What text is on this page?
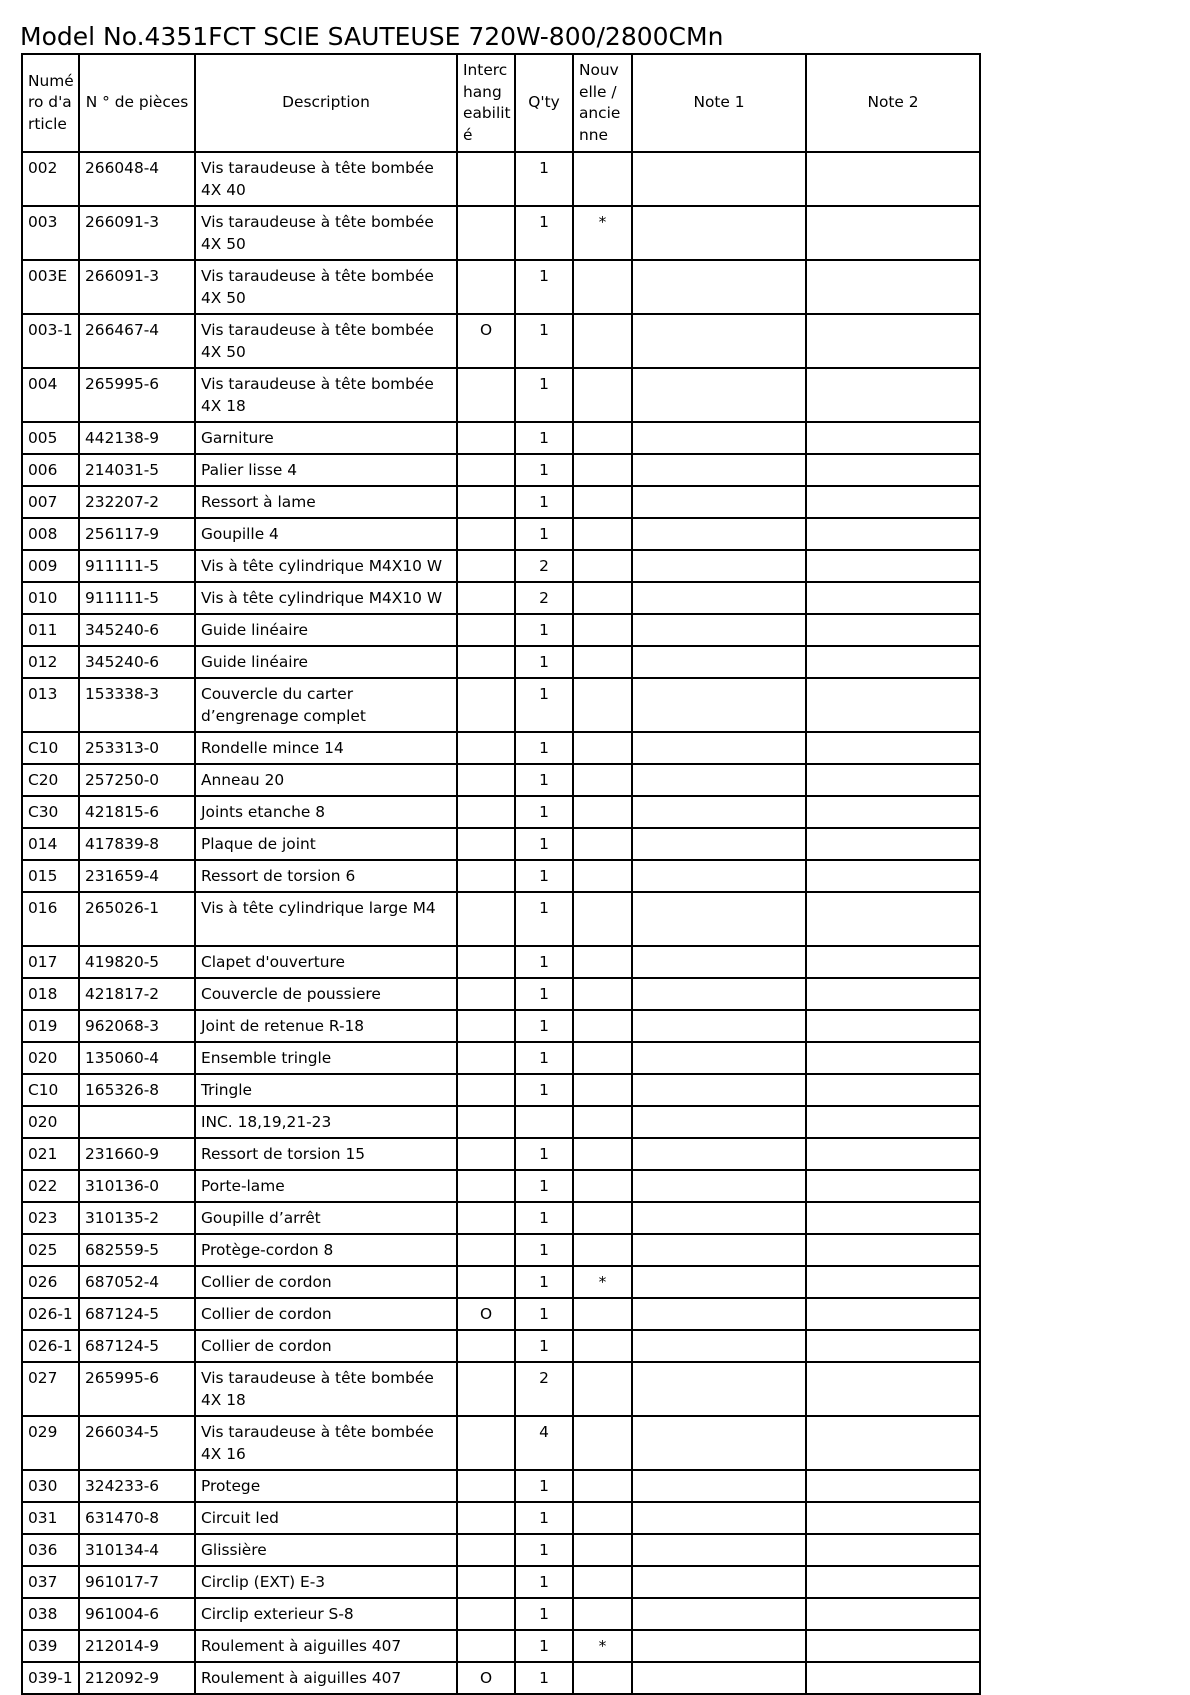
Model No.4351FCT SCIE SAUTEUSE 720W-800/2800CMn
Numé ro d'a rticle	N ° de pièces	Description	Interc hang eabilit é	Q'ty	Nouv elle / ancie nne	Note 1	Note 2
002	266048-4	Vis taraudeuse à tête bombée 4X 40		1			
003	266091-3	Vis taraudeuse à tête bombée 4X 50		1	*		
003E	266091-3	Vis taraudeuse à tête bombée 4X 50		1			
003-1	266467-4	Vis taraudeuse à tête bombée 4X 50	O	1			
004	265995-6	Vis taraudeuse à tête bombée 4X 18		1			
005	442138-9	Garniture		1			
006	214031-5	Palier lisse 4		1			
007	232207-2	Ressort à lame		1			
008	256117-9	Goupille 4		1			
009	911111-5	Vis à tête cylindrique M4X10 W		2			
010	911111-5	Vis à tête cylindrique M4X10 W		2			
011	345240-6	Guide linéaire		1			
012	345240-6	Guide linéaire		1			
013	153338-3	Couvercle du carter d’engrenage complet		1			
C10	253313-0	Rondelle mince 14		1			
C20	257250-0	Anneau 20		1			
C30	421815-6	Joints etanche 8		1			
014	417839-8	Plaque de joint		1			
015	231659-4	Ressort de torsion 6		1			
016	265026-1	Vis à tête cylindrique large M4		1			
017	419820-5	Clapet d'ouverture		1			
018	421817-2	Couvercle de poussiere		1			
019	962068-3	Joint de retenue R-18		1			
020	135060-4	Ensemble tringle		1			
C10	165326-8	Tringle		1			
020		INC. 18,19,21-23					
021	231660-9	Ressort de torsion 15		1			
022	310136-0	Porte-lame		1			
023	310135-2	Goupille d’arrêt		1			
025	682559-5	Protège-cordon 8		1			
026	687052-4	Collier de cordon		1	*		
026-1	687124-5	Collier de cordon	O	1			
026-1	687124-5	Collier de cordon		1			
027	265995-6	Vis taraudeuse à tête bombée 4X 18		2			
029	266034-5	Vis taraudeuse à tête bombée 4X 16		4			
030	324233-6	Protege		1			
031	631470-8	Circuit led		1			
036	310134-4	Glissière		1			
037	961017-7	Circlip (EXT) E-3		1			
038	961004-6	Circlip exterieur S-8		1			
039	212014-9	Roulement à aiguilles 407		1	*		
039-1	212092-9	Roulement à aiguilles 407	O	1			
